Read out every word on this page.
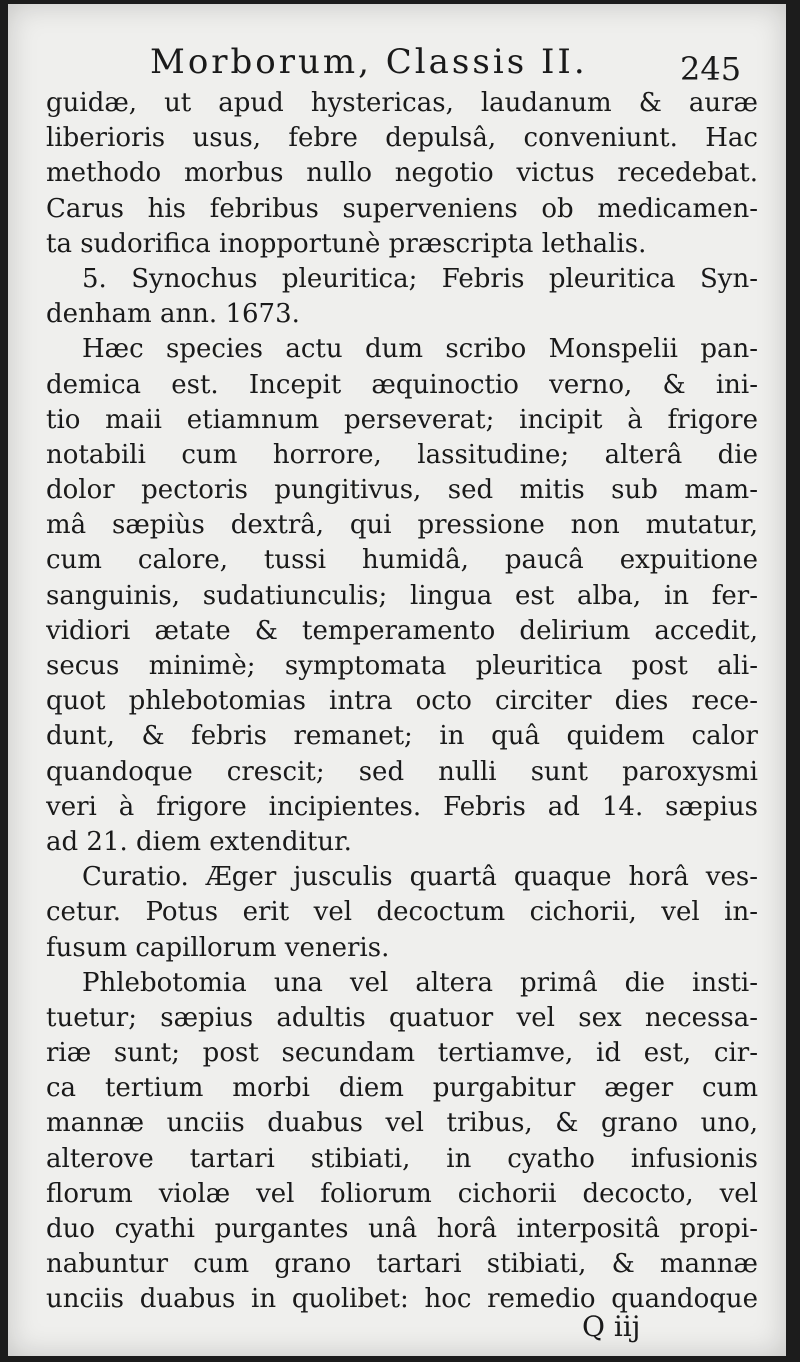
Morborum, Classis II.	245
guidæ, ut apud hystericas, laudanum & auræ
liberioris usus, febre depulsâ, conveniunt. Hac
methodo morbus nullo negotio victus recedebat.
Carus his febribus superveniens ob medicamen-
ta sudorifica inopportunè præscripta lethalis.
5. Synochus pleuritica; Febris pleuritica Syn-
denham ann. 1673.
Hæc species actu dum scribo Monspelii pan-
demica est. Incepit æquinoctio verno, & ini-
tio maii etiamnum perseverat; incipit à frigore
notabili cum horrore, lassitudine; alterâ die
dolor pectoris pungitivus, sed mitis sub mam-
mâ sæpiùs dextrâ, qui pressione non mutatur,
cum calore, tussi humidâ, paucâ expuitione
sanguinis, sudatiunculis; lingua est alba, in fer-
vidiori ætate & temperamento delirium accedit,
secus minimè; symptomata pleuritica post ali-
quot phlebotomias intra octo circiter dies rece-
dunt, & febris remanet; in quâ quidem calor
quandoque crescit; sed nulli sunt paroxysmi
veri à frigore incipientes. Febris ad 14. sæpius
ad 21. diem extenditur.
Curatio. Æger jusculis quartâ quaque horâ ves-
cetur. Potus erit vel decoctum cichorii, vel in-
fusum capillorum veneris.
Phlebotomia una vel altera primâ die insti-
tuetur; sæpius adultis quatuor vel sex necessa-
riæ sunt; post secundam tertiamve, id est, cir-
ca tertium morbi diem purgabitur æger cum
mannæ unciis duabus vel tribus, & grano uno,
alterove tartari stibiati, in cyatho infusionis
florum violæ vel foliorum cichorii decocto, vel
duo cyathi purgantes unâ horâ interpositâ propi-
nabuntur cum grano tartari stibiati, & mannæ
unciis duabus in quolibet: hoc remedio quandoque
Q iij
